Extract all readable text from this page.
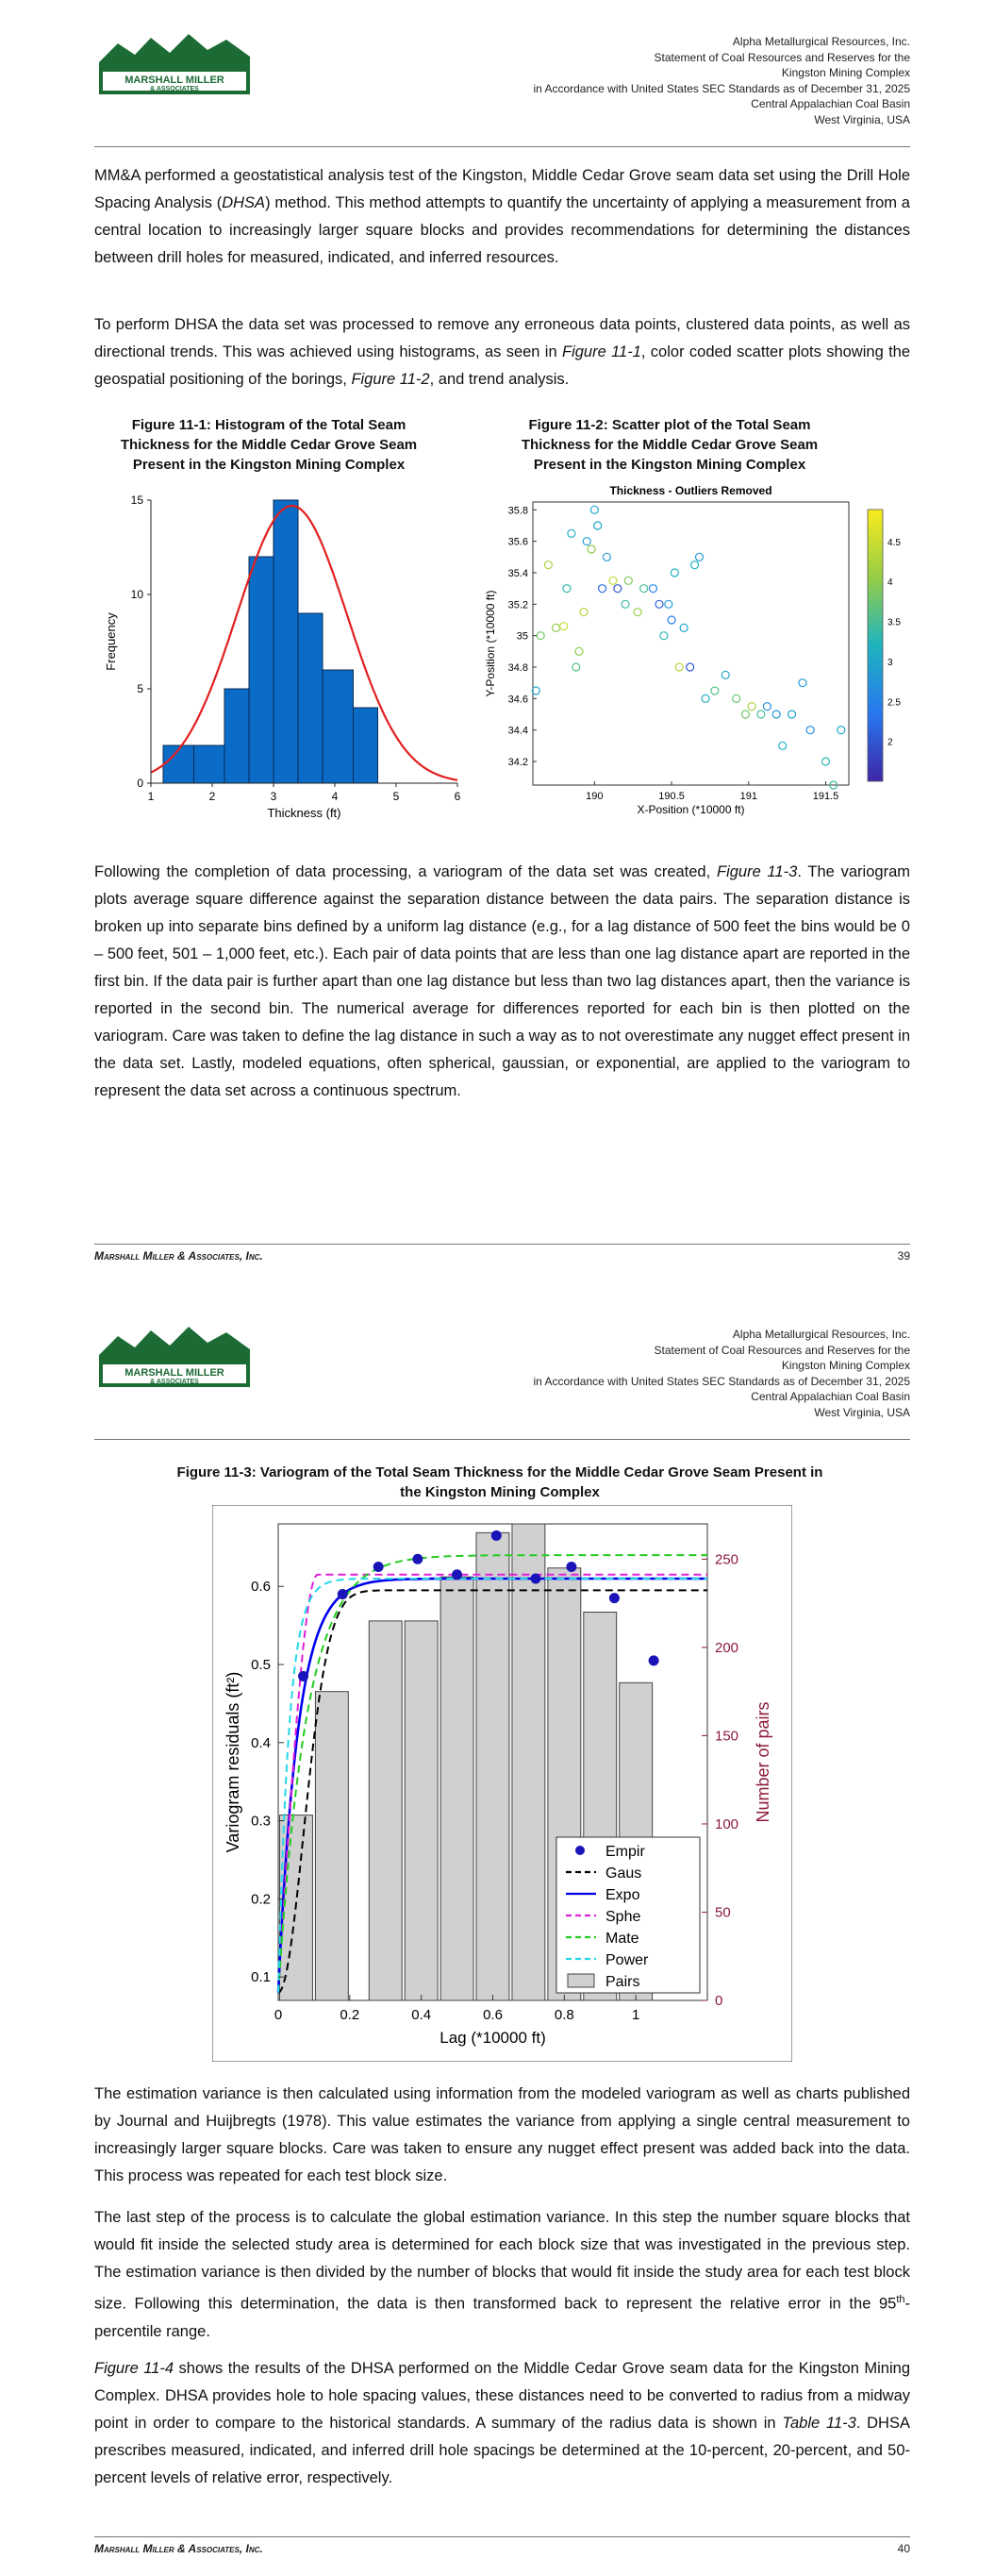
MARSHALL MILLER
& ASSOCIATES
Alpha Metallurgical Resources, Inc.
Statement of Coal Resources and Reserves for the
Kingston Mining Complex
in Accordance with United States SEC Standards as of December 31, 2025
Central Appalachian Coal Basin
West Virginia, USA

MM&A performed a geostatistical analysis test of the Kingston, Middle Cedar Grove seam data set using the Drill Hole Spacing Analysis (DHSA) method. This method attempts to quantify the uncertainty of applying a measurement from a central location to increasingly larger square blocks and provides recommendations for determining the distances between drill holes for measured, indicated, and inferred resources.

To perform DHSA the data set was processed to remove any erroneous data points, clustered data points, as well as directional trends. This was achieved using histograms, as seen in Figure 11-1, color coded scatter plots showing the geospatial positioning of the borings, Figure 11-2, and trend analysis.

Figure 11-1: Histogram of the Total Seam Thickness for the Middle Cedar Grove Seam Present in the Kingston Mining Complex
Figure 11-2: Scatter plot of the Total Seam Thickness for the Middle Cedar Grove Seam Present in the Kingston Mining Complex
1	2	3	4	5	6
0
5
10
15
Thickness (ft)
Frequency
Thickness - Outliers Removed
190	190.5	191	191.5
34.2
34.4
34.6
34.8
35
35.2
35.4
35.6
35.8
X-Position (*10000 ft)
Y-Position (*10000 ft)
2
2.5
3
3.5
4
4.5

Following the completion of data processing, a variogram of the data set was created, Figure 11-3. The variogram plots average square difference against the separation distance between the data pairs. The separation distance is broken up into separate bins defined by a uniform lag distance (e.g., for a lag distance of 500 feet the bins would be 0 – 500 feet, 501 – 1,000 feet, etc.). Each pair of data points that are less than one lag distance apart are reported in the first bin. If the data pair is further apart than one lag distance but less than two lag distances apart, then the variance is reported in the second bin. The numerical average for differences reported for each bin is then plotted on the variogram. Care was taken to define the lag distance in such a way as to not overestimate any nugget effect present in the data set. Lastly, modeled equations, often spherical, gaussian, or exponential, are applied to the variogram to represent the data set across a continuous spectrum.

Marshall Miller & Associates, Inc.	39
MARSHALL MILLER
& ASSOCIATES
Alpha Metallurgical Resources, Inc.
Statement of Coal Resources and Reserves for the
Kingston Mining Complex
in Accordance with United States SEC Standards as of December 31, 2025
Central Appalachian Coal Basin
West Virginia, USA
Figure 11-3: Variogram of the Total Seam Thickness for the Middle Cedar Grove Seam Present in the Kingston Mining Complex
0	0.2	0.4	0.6	0.8	1
0.1
0.2
0.3
0.4
0.5
0.6
0
50
100
150
200
250
Lag (*10000 ft)
Variogram residuals (ft²)	Number of pairs
Empir
Gaus
Expo
Sphe
Mate
Power
Pairs

The estimation variance is then calculated using information from the modeled variogram as well as charts published by Journal and Huijbregts (1978). This value estimates the variance from applying a single central measurement to increasingly larger square blocks. Care was taken to ensure any nugget effect present was added back into the data. This process was repeated for each test block size.

The last step of the process is to calculate the global estimation variance. In this step the number square blocks that would fit inside the selected study area is determined for each block size that was investigated in the previous step. The estimation variance is then divided by the number of blocks that would fit inside the study area for each test block size. Following this determination, the data is then transformed back to represent the relative error in the 95th-percentile range.

Figure 11-4 shows the results of the DHSA performed on the Middle Cedar Grove seam data for the Kingston Mining Complex. DHSA provides hole to hole spacing values, these distances need to be converted to radius from a midway point in order to compare to the historical standards. A summary of the radius data is shown in Table 11-3. DHSA prescribes measured, indicated, and inferred drill hole spacings be determined at the 10-percent, 20-percent, and 50-percent levels of relative error, respectively.

Marshall Miller & Associates, Inc.	40
